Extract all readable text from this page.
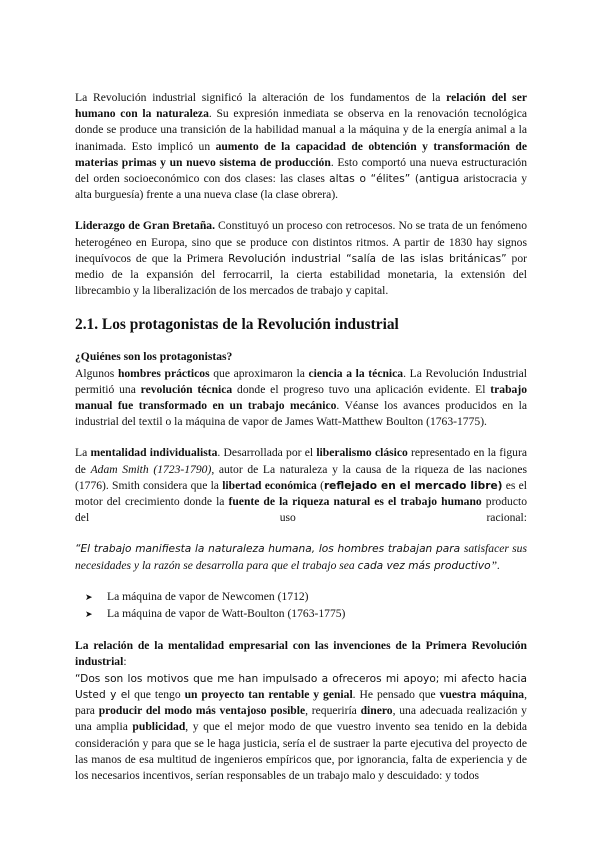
La Revolución industrial significó la alteración de los fundamentos de la relación del ser humano con la naturaleza. Su expresión inmediata se observa en la renovación tecnológica donde se produce una transición de la habilidad manual a la máquina y de la energía animal a la inanimada. Esto implicó un aumento de la capacidad de obtención y transformación de materias primas y un nuevo sistema de producción. Esto comportó una nueva estructuración del orden socioeconómico con dos clases: las clases altas o “élites” (antigua aristocracia y alta burguesía) frente a una nueva clase (la clase obrera).

Liderazgo de Gran Bretaña. Constituyó un proceso con retrocesos. No se trata de un fenómeno heterogéneo en Europa, sino que se produce con distintos ritmos. A partir de 1830 hay signos inequívocos de que la Primera Revolución industrial “salía de las islas británicas” por medio de la expansión del ferrocarril, la cierta estabilidad monetaria, la extensión del librecambio y la liberalización de los mercados de trabajo y capital.

2.1. Los protagonistas de la Revolución industrial

¿Quiénes son los protagonistas?
Algunos hombres prácticos que aproximaron la ciencia a la técnica. La Revolución Industrial permitió una revolución técnica donde el progreso tuvo una aplicación evidente. El trabajo manual fue transformado en un trabajo mecánico. Véanse los avances producidos en la industrial del textil o la máquina de vapor de James Watt-Matthew Boulton (1763-1775).

La mentalidad individualista. Desarrollada por el liberalismo clásico representado en la figura de Adam Smith (1723-1790), autor de La naturaleza y la causa de la riqueza de las naciones (1776). Smith considera que la libertad económica (reflejado en el mercado libre) es el motor del crecimiento donde la fuente de la riqueza natural es el trabajo humano producto del uso racional:

“El trabajo manifiesta la naturaleza humana, los hombres trabajan para satisfacer sus necesidades y la razón se desarrolla para que el trabajo sea cada vez más productivo”.

➤	La máquina de vapor de Newcomen (1712)
➤	La máquina de vapor de Watt-Boulton (1763-1775)

La relación de la mentalidad empresarial con las invenciones de la Primera Revolución industrial:
“Dos son los motivos que me han impulsado a ofreceros mi apoyo; mi afecto hacia Usted y el que tengo un proyecto tan rentable y genial. He pensado que vuestra máquina, para producir del modo más ventajoso posible, requeriría dinero, una adecuada realización y una amplia publicidad, y que el mejor modo de que vuestro invento sea tenido en la debida consideración y para que se le haga justicia, sería el de sustraer la parte ejecutiva del proyecto de las manos de esa multitud de ingenieros empíricos que, por ignorancia, falta de experiencia y de los necesarios incentivos, serían responsables de un trabajo malo y descuidado: y todos
